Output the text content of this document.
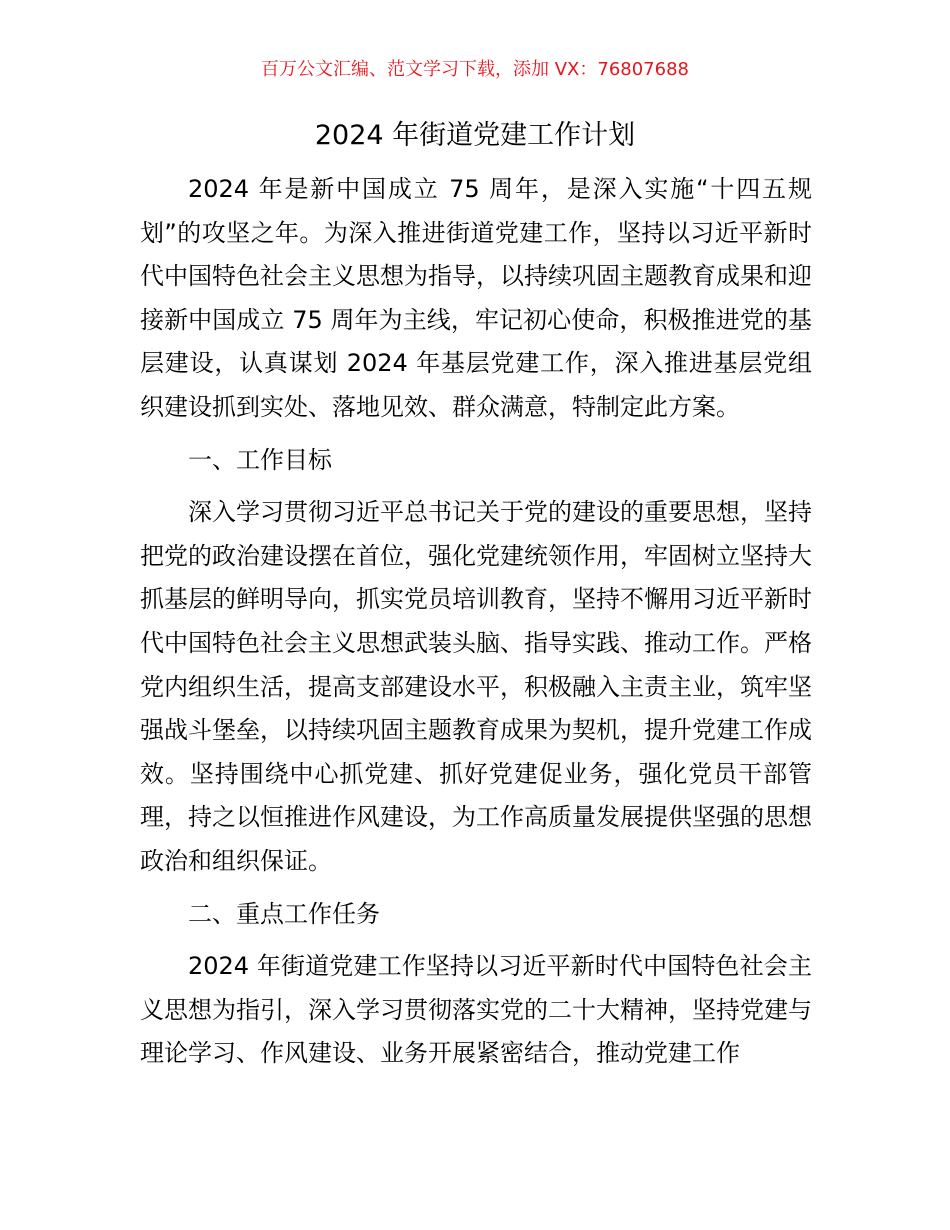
百万公文汇编、范文学习下载，添加 VX：76807688
2024 年街道党建工作计划

2024 年是新中国成立 75 周年，是深入实施“十四五规划”的攻坚之年。为深入推进街道党建工作，坚持以习近平新时代中国特色社会主义思想为指导，以持续巩固主题教育成果和迎接新中国成立 75 周年为主线，牢记初心使命，积极推进党的基层建设，认真谋划 2024 年基层党建工作，深入推进基层党组织建设抓到实处、落地见效、群众满意，特制定此方案。

一、工作目标

深入学习贯彻习近平总书记关于党的建设的重要思想，坚持把党的政治建设摆在首位，强化党建统领作用，牢固树立坚持大抓基层的鲜明导向，抓实党员培训教育，坚持不懈用习近平新时代中国特色社会主义思想武装头脑、指导实践、推动工作。严格党内组织生活，提高支部建设水平，积极融入主责主业，筑牢坚强战斗堡垒，以持续巩固主题教育成果为契机，提升党建工作成效。坚持围绕中心抓党建、抓好党建促业务，强化党员干部管理，持之以恒推进作风建设，为工作高质量发展提供坚强的思想政治和组织保证。

二、重点工作任务

2024 年街道党建工作坚持以习近平新时代中国特色社会主义思想为指引，深入学习贯彻落实党的二十大精神，坚持党建与理论学习、作风建设、业务开展紧密结合，推动党建工作
